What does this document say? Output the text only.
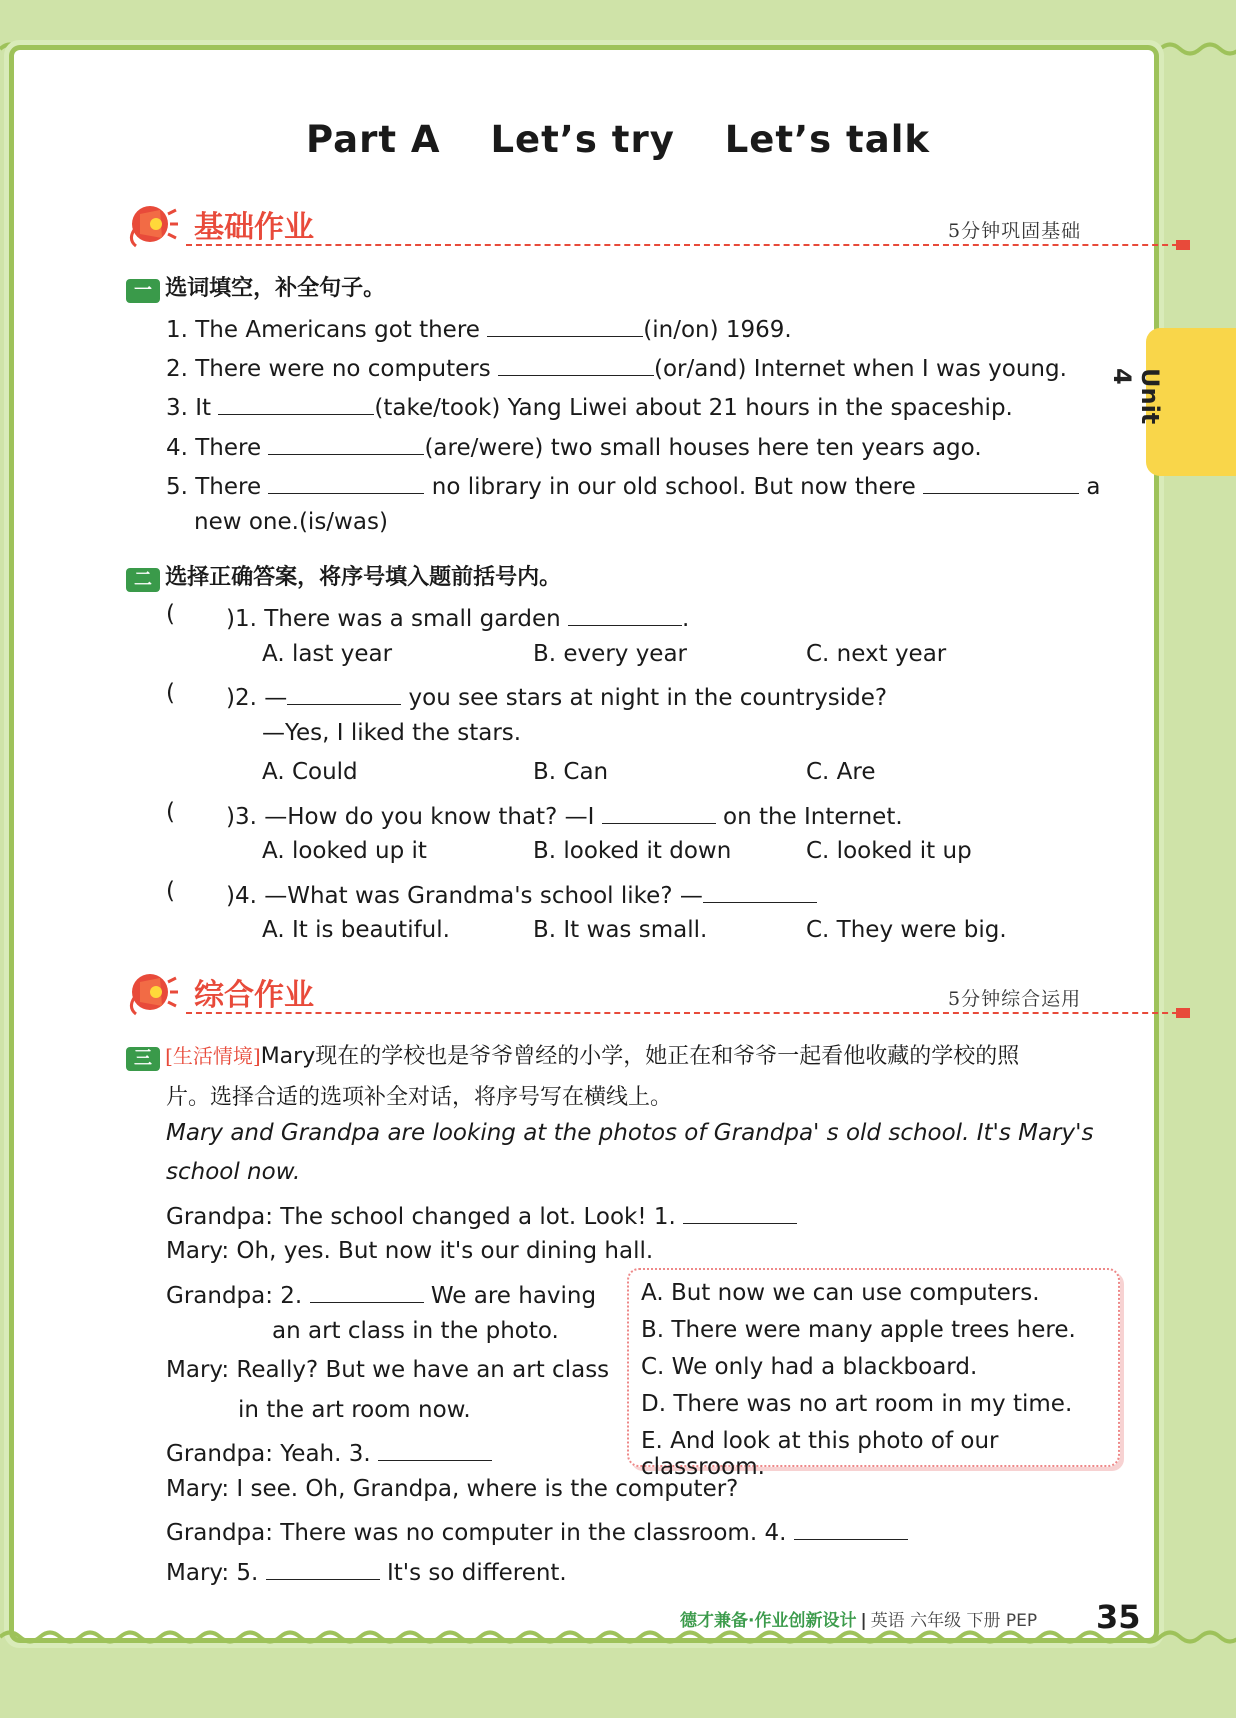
Unit 4
Part A Let’s try Let’s talk
基础作业	5分钟巩固基础
一 选词填空，补全句子。
1. The Americans got there	(in/on) 1969.
2. There were no computers	(or/and) Internet when I was young.
3. It	(take/took) Yang Liwei about 21 hours in the spaceship.
4. There	(are/were) two small houses here ten years ago.
5. There	no library in our old school. But now there	a
new one.(is/was)
二 选择正确答案，将序号填入题前括号内。
( )1. There was a small garden	.
A. last year	B. every year	C. next year
( )2. —	you see stars at night in the countryside?
—Yes, I liked the stars.
A. Could	B. Can	C. Are
( )3. —How do you know that? —I	on the Internet.
A. looked up it	B. looked it down	C. looked it up
( )4. —What was Grandma's school like? —
A. It is beautiful.	B. It was small.	C. They were big.
综合作业	5分钟综合运用
三 [生活情境]Mary现在的学校也是爷爷曾经的小学，她正在和爷爷一起看他收藏的学校的照
片。选择合适的选项补全对话，将序号写在横线上。
Mary and Grandpa are looking at the photos of Grandpa' s old school. It's Mary's
school now.
Grandpa: The school changed a lot. Look! 1.
Mary: Oh, yes. But now it's our dining hall.
Grandpa: 2.	We are having
an art class in the photo.
Mary: Really? But we have an art class
in the art room now.
Grandpa: Yeah. 3.
Mary: I see. Oh, Grandpa, where is the computer?
Grandpa: There was no computer in the classroom. 4.
Mary: 5.	It's so different.
A. But now we can use computers.
B. There were many apple trees here.
C. We only had a blackboard.
D. There was no art room in my time.
E. And look at this photo of our classroom.
德才兼备·作业创新设计 | 英语 六年级 下册 PEP 35
